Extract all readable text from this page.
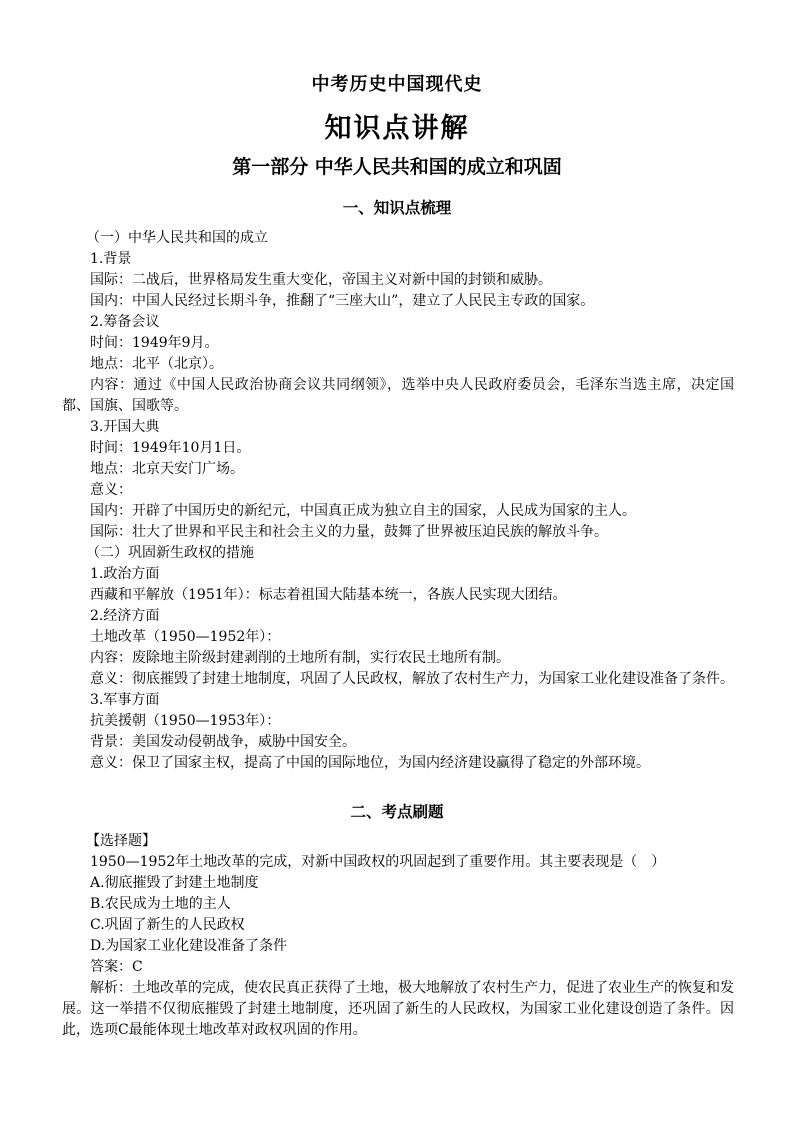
中考历史中国现代史
知识点讲解
第一部分 中华人民共和国的成立和巩固
一、知识点梳理

（一）中华人民共和国的成立

1.背景

国际：二战后，世界格局发生重大变化，帝国主义对新中国的封锁和威胁。

国内：中国人民经过长期斗争，推翻了“三座大山”，建立了人民民主专政的国家。

2.筹备会议

时间：1949年9月。

地点：北平（北京）。

内容：通过《中国人民政治协商会议共同纲领》，选举中央人民政府委员会，毛泽东当选主席，决定国都、国旗、国歌等。

3.开国大典

时间：1949年10月1日。

地点：北京天安门广场。

意义：

国内：开辟了中国历史的新纪元，中国真正成为独立自主的国家，人民成为国家的主人。

国际：壮大了世界和平民主和社会主义的力量，鼓舞了世界被压迫民族的解放斗争。

（二）巩固新生政权的措施

1.政治方面

西藏和平解放（1951年）：标志着祖国大陆基本统一，各族人民实现大团结。

2.经济方面

土地改革（1950—1952年）：

内容：废除地主阶级封建剥削的土地所有制，实行农民土地所有制。

意义：彻底摧毁了封建土地制度，巩固了人民政权，解放了农村生产力，为国家工业化建设准备了条件。

3.军事方面

抗美援朝（1950—1953年）：

背景：美国发动侵朝战争，威胁中国安全。

意义：保卫了国家主权，提高了中国的国际地位，为国内经济建设赢得了稳定的外部环境。

二、考点刷题

【选择题】

1950—1952年土地改革的完成，对新中国政权的巩固起到了重要作用。其主要表现是（　）

A.彻底摧毁了封建土地制度

B.农民成为土地的主人

C.巩固了新生的人民政权

D.为国家工业化建设准备了条件

答案：C

解析：土地改革的完成，使农民真正获得了土地，极大地解放了农村生产力，促进了农业生产的恢复和发展。这一举措不仅彻底摧毁了封建土地制度，还巩固了新生的人民政权，为国家工业化建设创造了条件。因此，选项C最能体现土地改革对政权巩固的作用。
